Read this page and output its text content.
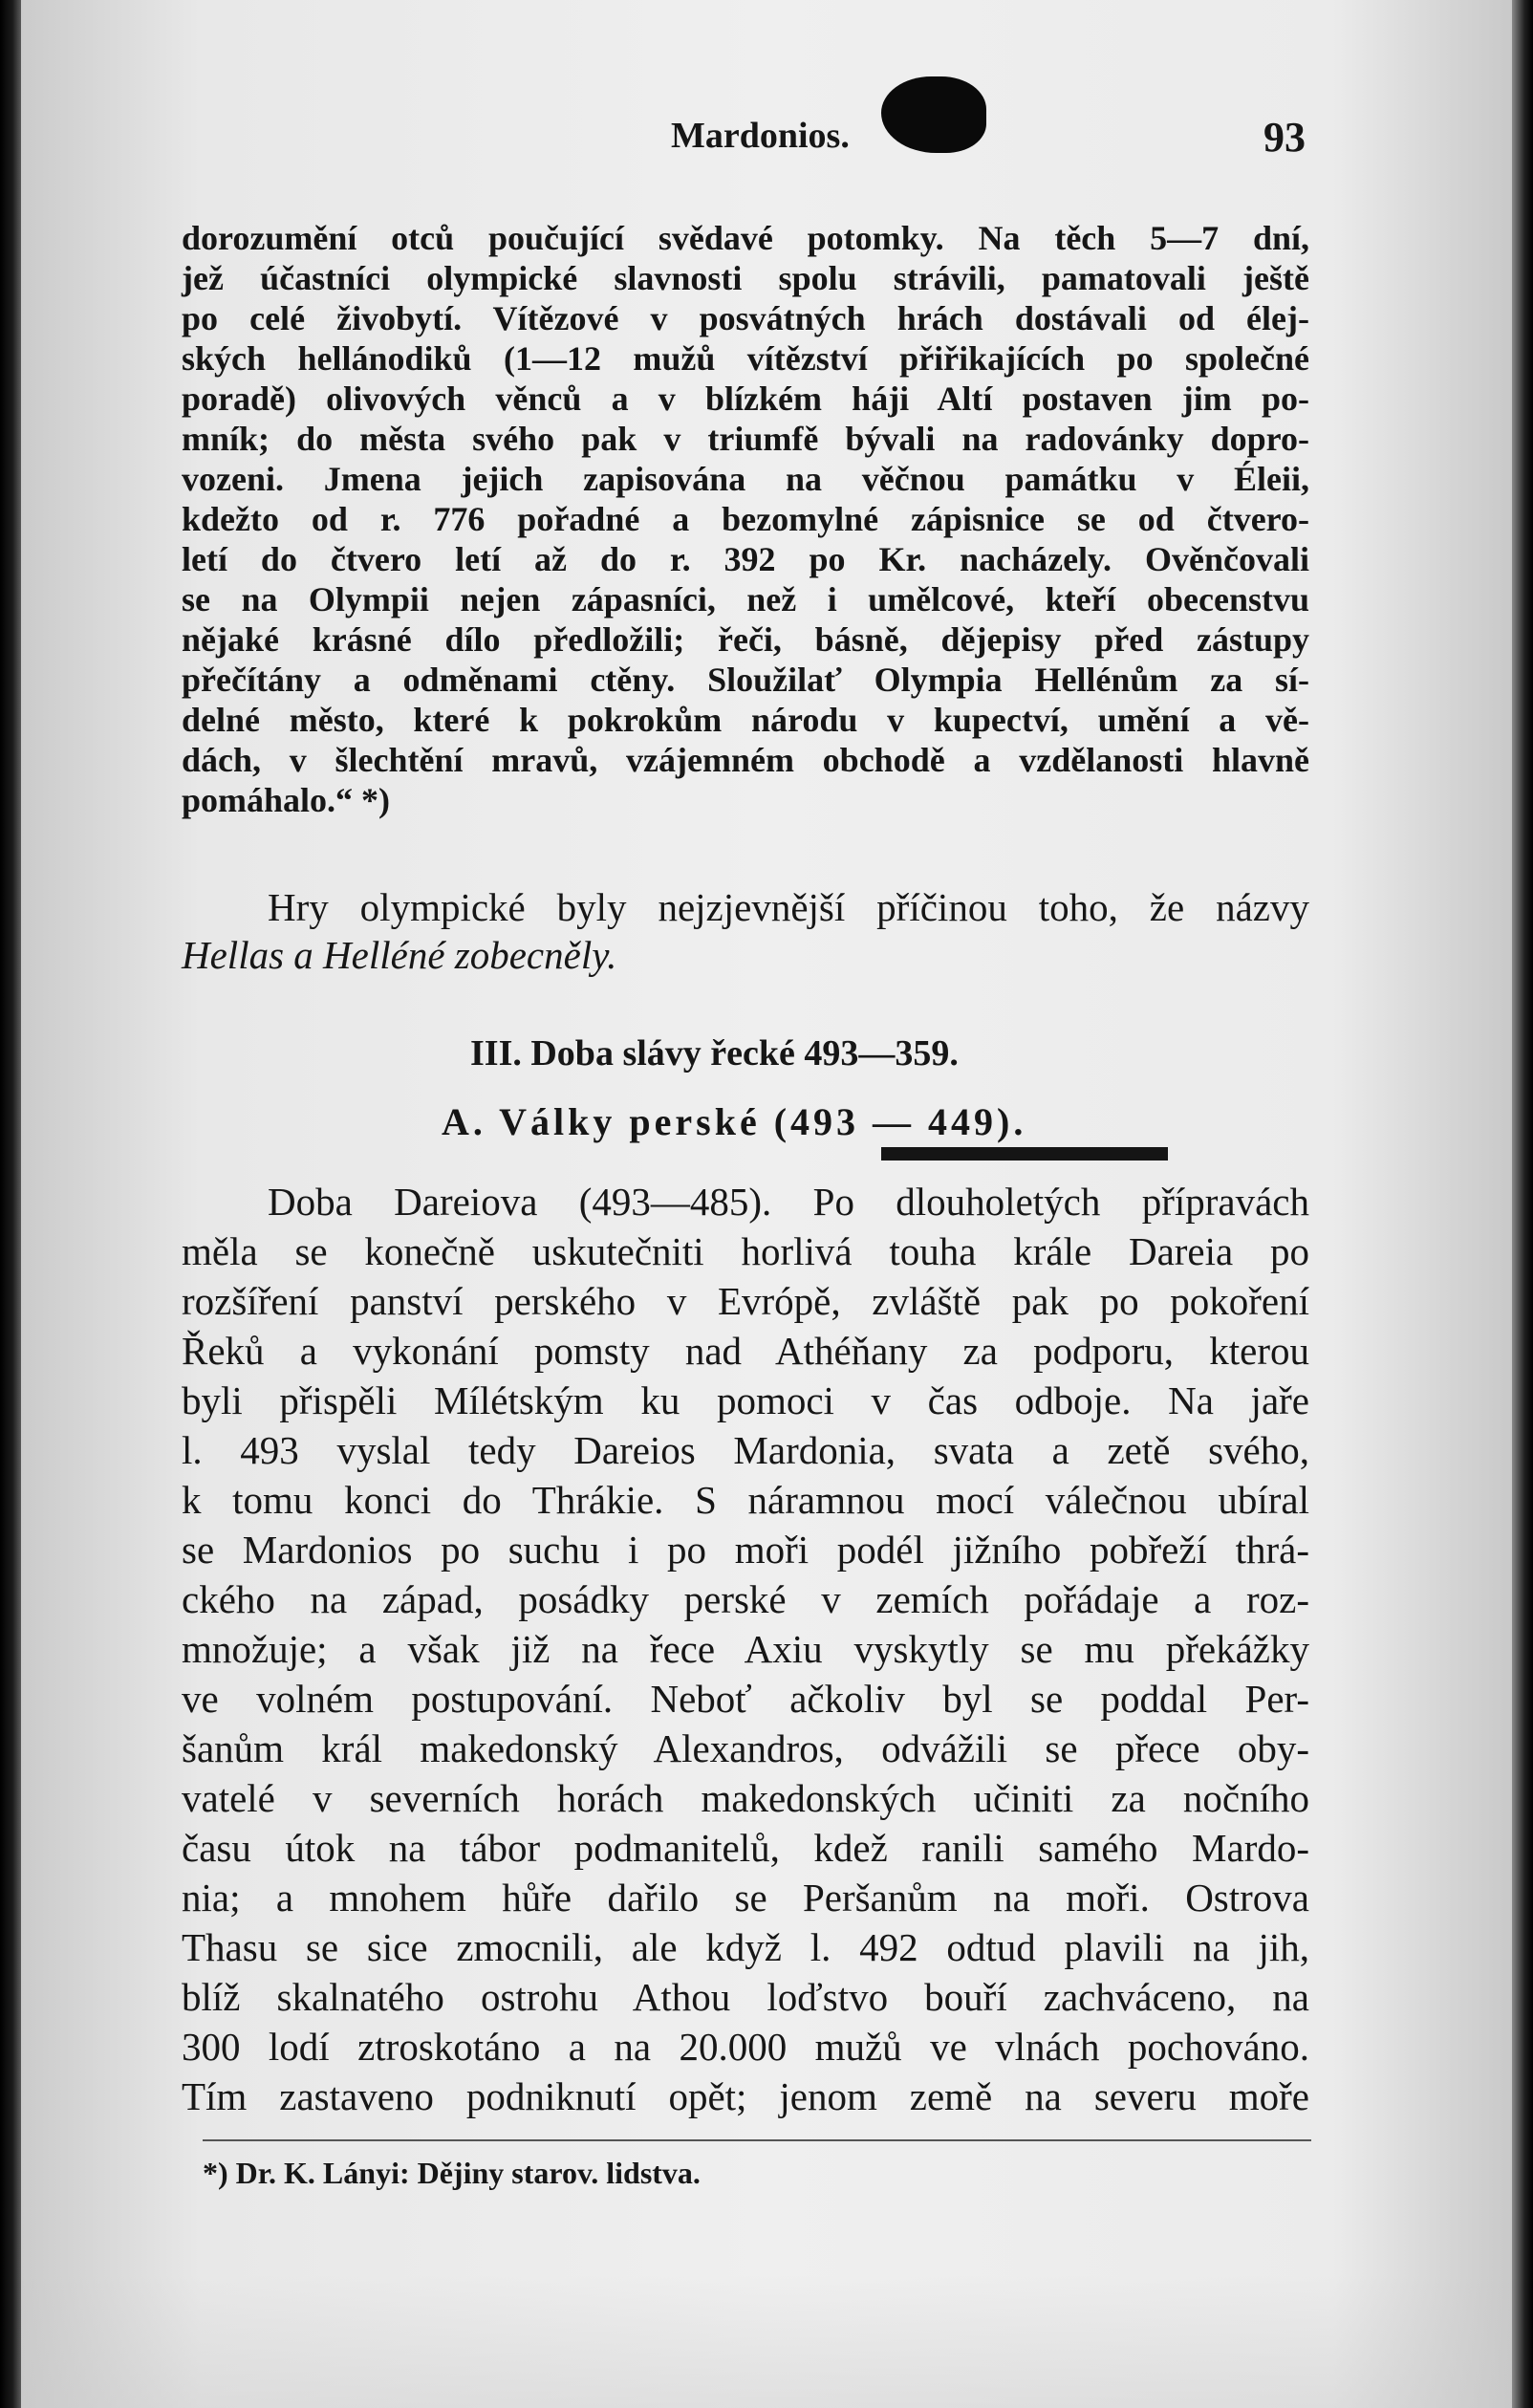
Mardonios.	93
dorozumění otců poučující svědavé potomky. Na těch 5—7 dní,
jež účastníci olympické slavnosti spolu strávili, pamatovali ještě
po celé živobytí. Vítězové v posvátných hrách dostávali od élej-
ských hellánodiků (1—12 mužů vítězství přiřikajících po společné
poradě) olivových věnců a v blízkém háji Altí postaven jim po-
mník; do města svého pak v triumfě bývali na radovánky dopro-
vozeni. Jmena jejich zapisována na věčnou památku v Éleii,
kdežto od r. 776 pořadné a bezomylné zápisnice se od čtvero-
letí do čtvero letí až do r. 392 po Kr. nacházely. Ověnčovali
se na Olympii nejen zápasníci, než i umělcové, kteří obecenstvu
nějaké krásné dílo předložili; řeči, básně, dějepisy před zástupy
přečítány a odměnami ctěny. Sloužilať Olympia Hellénům za sí-
delné město, které k pokrokům národu v kupectví, umění a vě-
dách, v šlechtění mravů, vzájemném obchodě a vzdělanosti hlavně
pomáhalo.“ *)
Hry olympické byly nejzjevnější příčinou toho, že názvy
Hellas a Helléné zobecněly.
III. Doba slávy řecké 493—359.
A. Války perské (493 — 449).
Doba Dareiova (493—485). Po dlouholetých přípravách
měla se konečně uskutečniti horlivá touha krále Dareia po
rozšíření panství perského v Evrópě, zvláště pak po pokoření
Řeků a vykonání pomsty nad Athéňany za podporu, kterou
byli přispěli Mílétským ku pomoci v čas odboje. Na jaře
l. 493 vyslal tedy Dareios Mardonia, svata a zetě svého,
k tomu konci do Thrákie. S náramnou mocí válečnou ubíral
se Mardonios po suchu i po moři podél jižního pobřeží thrá-
ckého na západ, posádky perské v zemích pořádaje a roz-
množuje; a však již na řece Axiu vyskytly se mu překážky
ve volném postupování. Neboť ačkoliv byl se poddal Per-
šanům král makedonský Alexandros, odvážili se přece oby-
vatelé v severních horách makedonských učiniti za nočního
času útok na tábor podmanitelů, kdež ranili samého Mardo-
nia; a mnohem hůře dařilo se Peršanům na moři. Ostrova
Thasu se sice zmocnili, ale když l. 492 odtud plavili na jih,
blíž skalnatého ostrohu Athou loďstvo bouří zachváceno, na
300 lodí ztroskotáno a na 20.000 mužů ve vlnách pochováno.
Tím zastaveno podniknutí opět; jenom země na severu moře
*) Dr. K. Lányi: Dějiny starov. lidstva.
